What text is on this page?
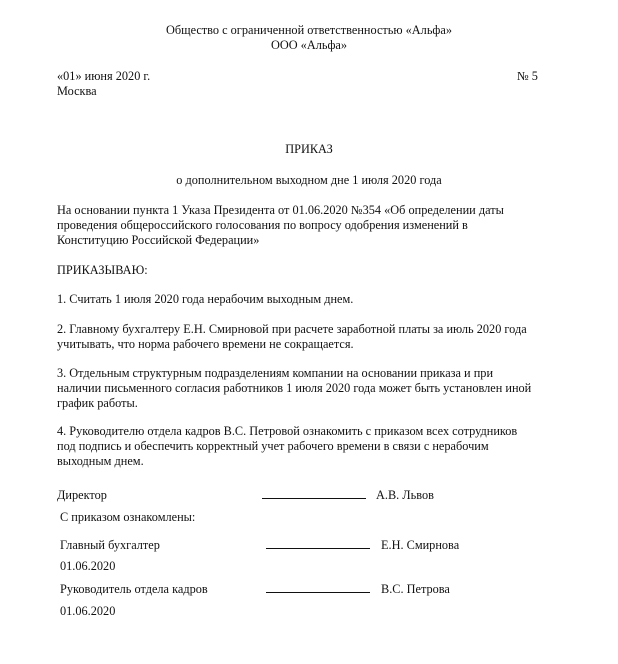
Общество с ограниченной ответственностью «Альфа»
ООО «Альфа»
«01» июня 2020 г.
Москва
№ 5
ПРИКАЗ
о дополнительном выходном дне 1 июля 2020 года
На основании пункта 1 Указа Президента от 01.06.2020 №354 «Об определении даты
проведения общероссийского голосования по вопросу одобрения изменений в
Конституцию Российской Федерации»
ПРИКАЗЫВАЮ:
1. Считать 1 июля 2020 года нерабочим выходным днем.
2. Главному бухгалтеру Е.Н. Смирновой при расчете заработной платы за июль 2020 года
учитывать, что норма рабочего времени не сокращается.
3. Отдельным структурным подразделениям компании на основании приказа и при
наличии письменного согласия работников 1 июля 2020 года может быть установлен иной
график работы.
4. Руководителю отдела кадров В.С. Петровой ознакомить с приказом всех сотрудников
под подпись и обеспечить корректный учет рабочего времени в связи с нерабочим
выходным днем.
Директор	А.В. Львов
С приказом ознакомлены:
Главный бухгалтер	Е.Н. Смирнова
01.06.2020
Руководитель отдела кадров	В.С. Петрова
01.06.2020
